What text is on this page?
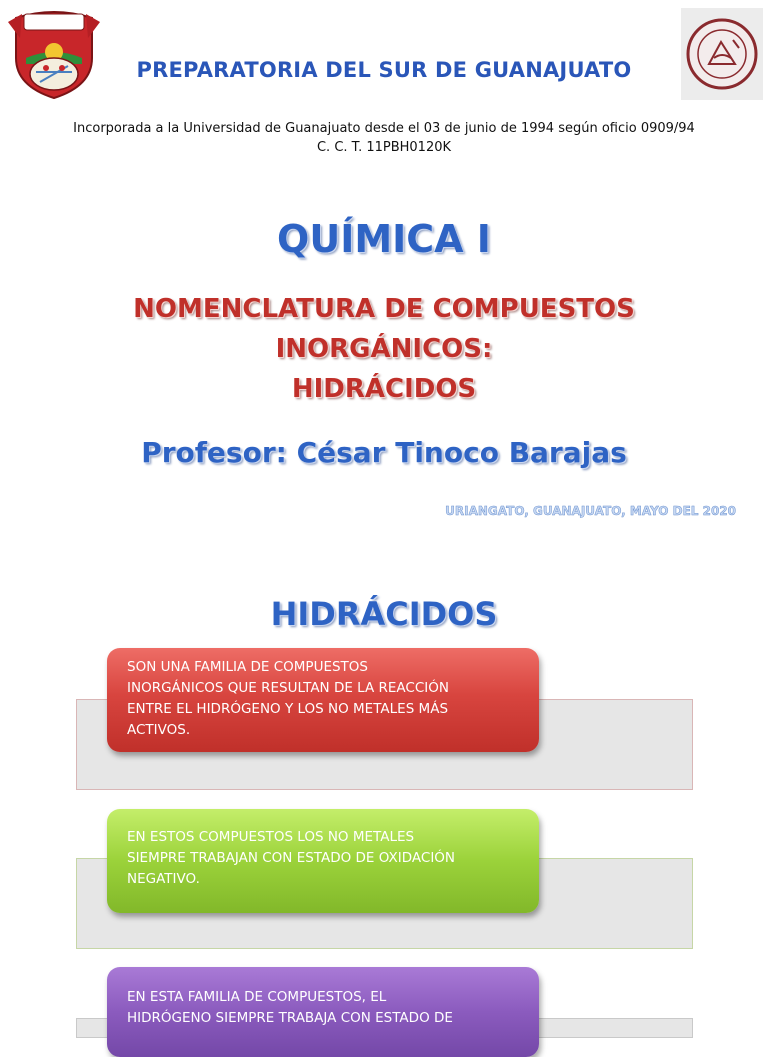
PREPARATORIA DEL SUR DE GUANAJUATO
Incorporada a la Universidad de Guanajuato desde el 03 de junio de 1994 según oficio 0909/94
C. C. T. 11PBH0120K
QUÍMICA I
NOMENCLATURA DE COMPUESTOS
INORGÁNICOS:
HIDRÁCIDOS
Profesor: César Tinoco Barajas
URIANGATO, GUANAJUATO, MAYO DEL 2020
HIDRÁCIDOS
SON UNA FAMILIA DE COMPUESTOS
INORGÁNICOS QUE RESULTAN DE LA REACCIÓN
ENTRE EL HIDRÓGENO Y LOS NO METALES MÁS
ACTIVOS.
EN ESTOS COMPUESTOS LOS NO METALES
SIEMPRE TRABAJAN CON ESTADO DE OXIDACIÓN
NEGATIVO.
EN ESTA FAMILIA DE COMPUESTOS, EL
HIDRÓGENO SIEMPRE TRABAJA CON ESTADO DE
